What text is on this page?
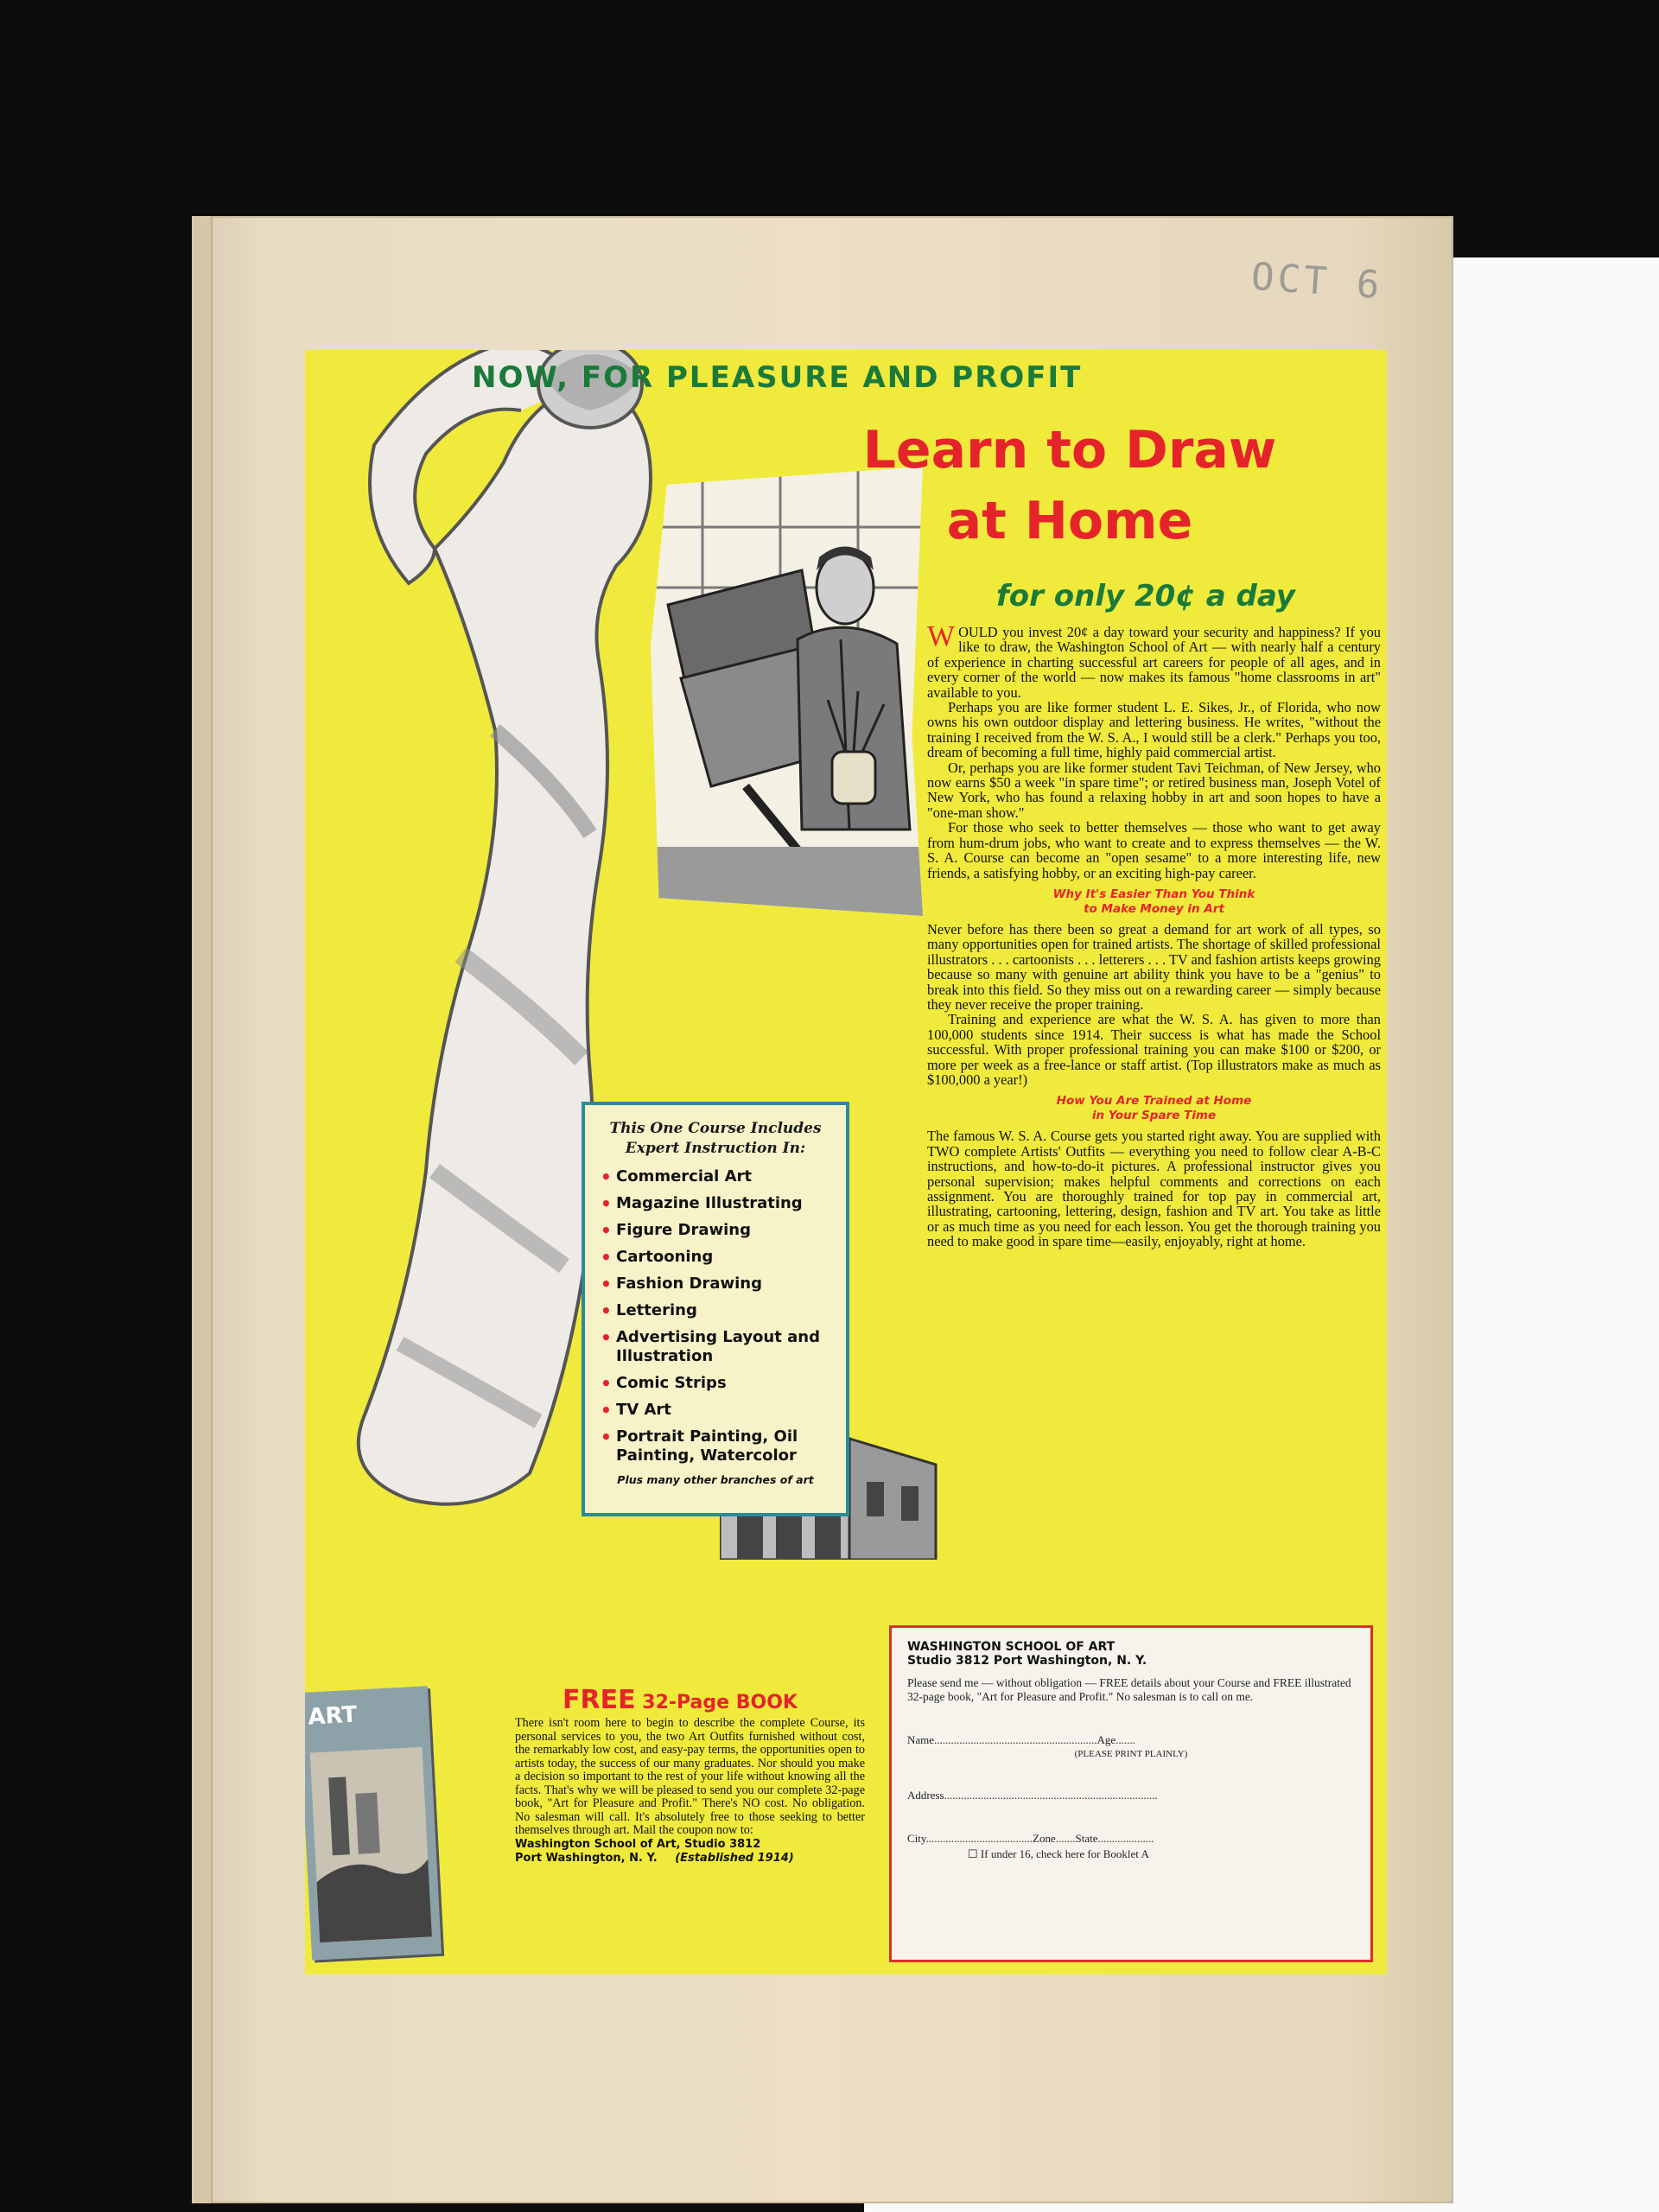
OCT 6
NOW, FOR PLEASURE AND PROFIT
Learn to Draw
at Home
for only 20¢ a day

WOULD you invest 20¢ a day toward your security and happiness? If you like to draw, the Washington School of Art — with nearly half a century of experience in charting successful art careers for people of all ages, and in every corner of the world — now makes its famous "home classrooms in art" available to you.

Perhaps you are like former student L. E. Sikes, Jr., of Florida, who now owns his own outdoor display and lettering business. He writes, "without the training I received from the W. S. A., I would still be a clerk." Perhaps you too, dream of becoming a full time, highly paid commercial artist.

Or, perhaps you are like former student Tavi Teichman, of New Jersey, who now earns $50 a week "in spare time"; or retired business man, Joseph Votel of New York, who has found a relaxing hobby in art and soon hopes to have a "one-man show."

For those who seek to better themselves — those who want to get away from hum-drum jobs, who want to create and to express themselves — the W. S. A. Course can become an "open sesame" to a more interesting life, new friends, a satisfying hobby, or an exciting high-pay career.

Why It's Easier Than You Think
to Make Money in Art

Never before has there been so great a demand for art work of all types, so many opportunities open for trained artists. The shortage of skilled professional illustrators . . . cartoonists . . . letterers . . . TV and fashion artists keeps growing because so many with genuine art ability think you have to be a "genius" to break into this field. So they miss out on a rewarding career — simply because they never receive the proper training.

Training and experience are what the W. S. A. has given to more than 100,000 students since 1914. Their success is what has made the School successful. With proper professional training you can make $100 or $200, or more per week as a free-lance or staff artist. (Top illustrators make as much as $100,000 a year!)

How You Are Trained at Home
in Your Spare Time

The famous W. S. A. Course gets you started right away. You are supplied with TWO complete Artists' Outfits — everything you need to follow clear A-B-C instructions, and how-to-do-it pictures. A professional instructor gives you personal supervision; makes helpful comments and corrections on each assignment. You are thoroughly trained for top pay in commercial art, illustrating, cartooning, lettering, design, fashion and TV art. You take as little or as much time as you need for each lesson. You get the thorough training you need to make good in spare time—easily, enjoyably, right at home.

This One Course Includes
Expert Instruction In:
• Commercial Art
• Magazine Illustrating
• Figure Drawing
• Cartooning
• Fashion Drawing
• Lettering
• Advertising Layout and Illustration
• Comic Strips
• TV Art
• Portrait Painting, Oil Painting, Watercolor
Plus many other branches of art
ART
FREE 32-Page BOOK
There isn't room here to begin to describe the complete Course, its personal services to you, the two Art Outfits furnished without cost, the remarkably low cost, and easy-pay terms, the opportunities open to artists today, the success of our many graduates. Nor should you make a decision so important to the rest of your life without knowing all the facts. That's why we will be pleased to send you our complete 32-page book, "Art for Pleasure and Profit." There's NO cost. No obligation. No salesman will call. It's absolutely free to those seeking to better themselves through art. Mail the coupon now to:
Washington School of Art, Studio 3812
Port Washington, N. Y. (Established 1914)
WASHINGTON SCHOOL OF ART
Studio 3812 Port Washington, N. Y.
Please send me — without obligation — FREE details about your Course and FREE illustrated 32-page book, "Art for Pleasure and Profit." No salesman is to call on me.
Name..........................................................Age.......
(PLEASE PRINT PLAINLY)
Address............................................................................
City......................................Zone.......State....................
☐ If under 16, check here for Booklet A
